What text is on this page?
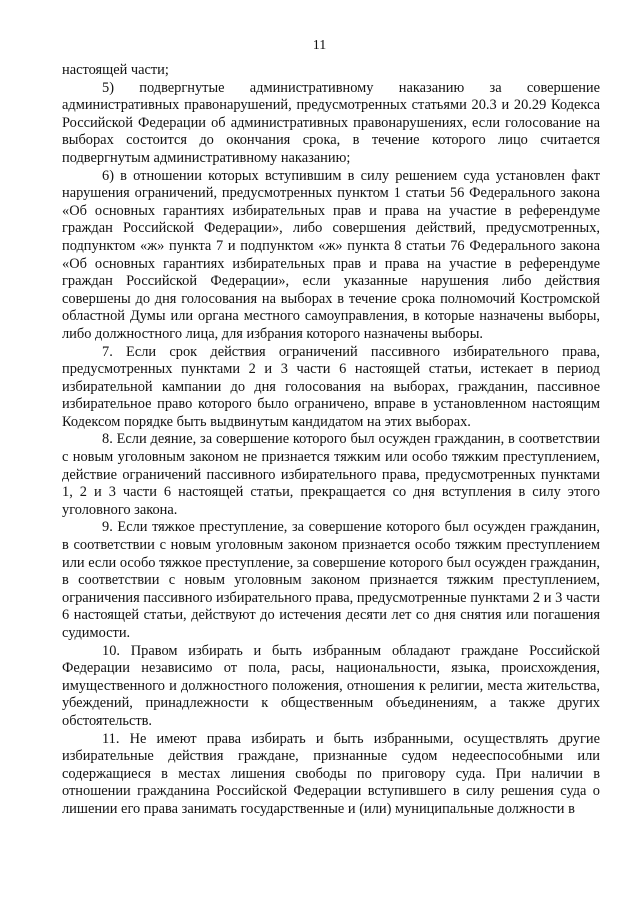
11

настоящей части;

5) подвергнутые административному наказанию за совершение административных правонарушений, предусмотренных статьями 20.3 и 20.29 Кодекса Российской Федерации об административных правонарушениях, если голосование на выборах состоится до окончания срока, в течение которого лицо считается подвергнутым административному наказанию;

6) в отношении которых вступившим в силу решением суда установлен факт нарушения ограничений, предусмотренных пунктом 1 статьи 56 Федерального закона «Об основных гарантиях избирательных прав и права на участие в референдуме граждан Российской Федерации», либо совершения действий, предусмотренных, подпунктом «ж» пункта 7 и подпунктом «ж» пункта 8 статьи 76 Федерального закона «Об основных гарантиях избирательных прав и права на участие в референдуме граждан Российской Федерации», если указанные нарушения либо действия совершены до дня голосования на выборах в течение срока полномочий Костромской областной Думы или органа местного самоуправления, в которые назначены выборы, либо должностного лица, для избрания которого назначены выборы.

7. Если срок действия ограничений пассивного избирательного права, предусмотренных пунктами 2 и 3 части 6 настоящей статьи, истекает в период избирательной кампании до дня голосования на выборах, гражданин, пассивное избирательное право которого было ограничено, вправе в установленном настоящим Кодексом порядке быть выдвинутым кандидатом на этих выборах.

8. Если деяние, за совершение которого был осужден гражданин, в соответствии с новым уголовным законом не признается тяжким или особо тяжким преступлением, действие ограничений пассивного избирательного права, предусмотренных пунктами 1, 2 и 3 части 6 настоящей статьи, прекращается со дня вступления в силу этого уголовного закона.

9. Если тяжкое преступление, за совершение которого был осужден гражданин, в соответствии с новым уголовным законом признается особо тяжким преступлением или если особо тяжкое преступление, за совершение которого был осужден гражданин, в соответствии с новым уголовным законом признается тяжким преступлением, ограничения пассивного избирательного права, предусмотренные пунктами 2 и 3 части 6 настоящей статьи, действуют до истечения десяти лет со дня снятия или погашения судимости.

10. Правом избирать и быть избранным обладают граждане Российской Федерации независимо от пола, расы, национальности, языка, происхождения, имущественного и должностного положения, отношения к религии, места жительства, убеждений, принадлежности к общественным объединениям, а также других обстоятельств.

11. Не имеют права избирать и быть избранными, осуществлять другие избирательные действия граждане, признанные судом недееспособными или содержащиеся в местах лишения свободы по приговору суда. При наличии в отношении гражданина Российской Федерации вступившего в силу решения суда о лишении его права занимать государственные и (или) муниципальные должности в
